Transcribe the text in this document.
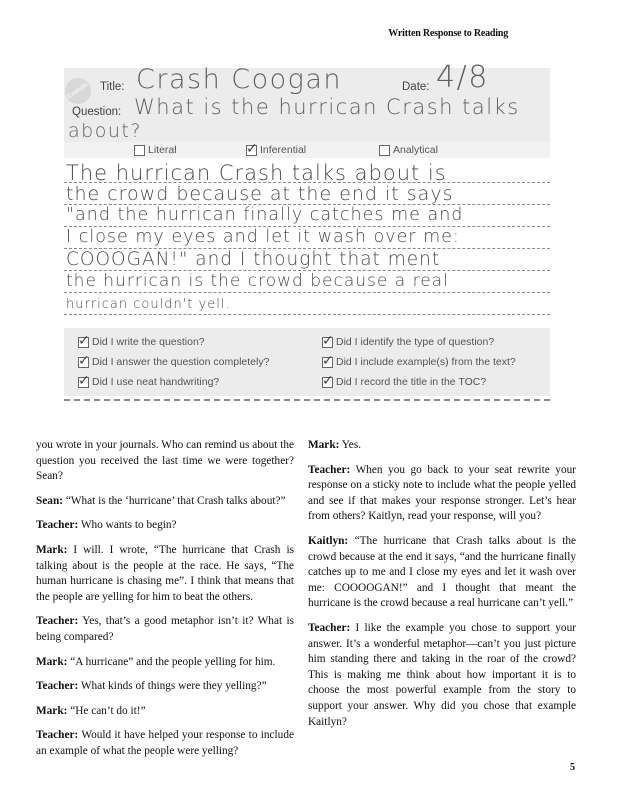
Written Response to Reading
Example Title: Crash Coogan	Date: 4/8
Question: What is the hurrican Crash talks
about?
Literal	✓ Inferential	Analytical
The hurrican Crash talks about is
the crowd because at the end it says
"and the hurrican finally catches me and
I close my eyes and let it wash over me:
COOOGAN!" and I thought that ment
the hurrican is the crowd because a real
hurrican couldn't yell.
✓ Did I write the question?	✓ Did I identify the type of question?
✓ Did I answer the question completely?	✓ Did I include example(s) from the text?
✓ Did I use neat handwriting?	✓ Did I record the title in the TOC?

you wrote in your journals. Who can remind us about the question you received the last time we were together? Sean?

Sean: “What is the ‘hurricane’ that Crash talks about?”

Teacher: Who wants to begin?

Mark: I will. I wrote, “The hurricane that Crash is talking about is the people at the race. He says, “The human hurricane is chasing me”. I think that means that the people are yelling for him to beat the others.

Teacher: Yes, that’s a good metaphor isn’t it? What is being compared?

Mark: “A hurricane” and the people yelling for him.

Teacher: What kinds of things were they yelling?”

Mark: “He can’t do it!”

Teacher: Would it have helped your response to include an example of what the people were yelling?

Mark: Yes.

Teacher: When you go back to your seat rewrite your response on a sticky note to include what the people yelled and see if that makes your response stronger. Let’s hear from others? Kaitlyn, read your response, will you?

Kaitlyn: “The hurricane that Crash talks about is the crowd because at the end it says, “and the hurricane finally catches up to me and I close my eyes and let it wash over me: COOOOGAN!” and I thought that meant the hurricane is the crowd because a real hurricane can’t yell.”

Teacher: I like the example you chose to support your answer. It’s a wonderful metaphor—can’t you just picture him standing there and taking in the roar of the crowd? This is making me think about how important it is to choose the most powerful example from the story to support your answer. Why did you chose that example Kaitlyn?

5
